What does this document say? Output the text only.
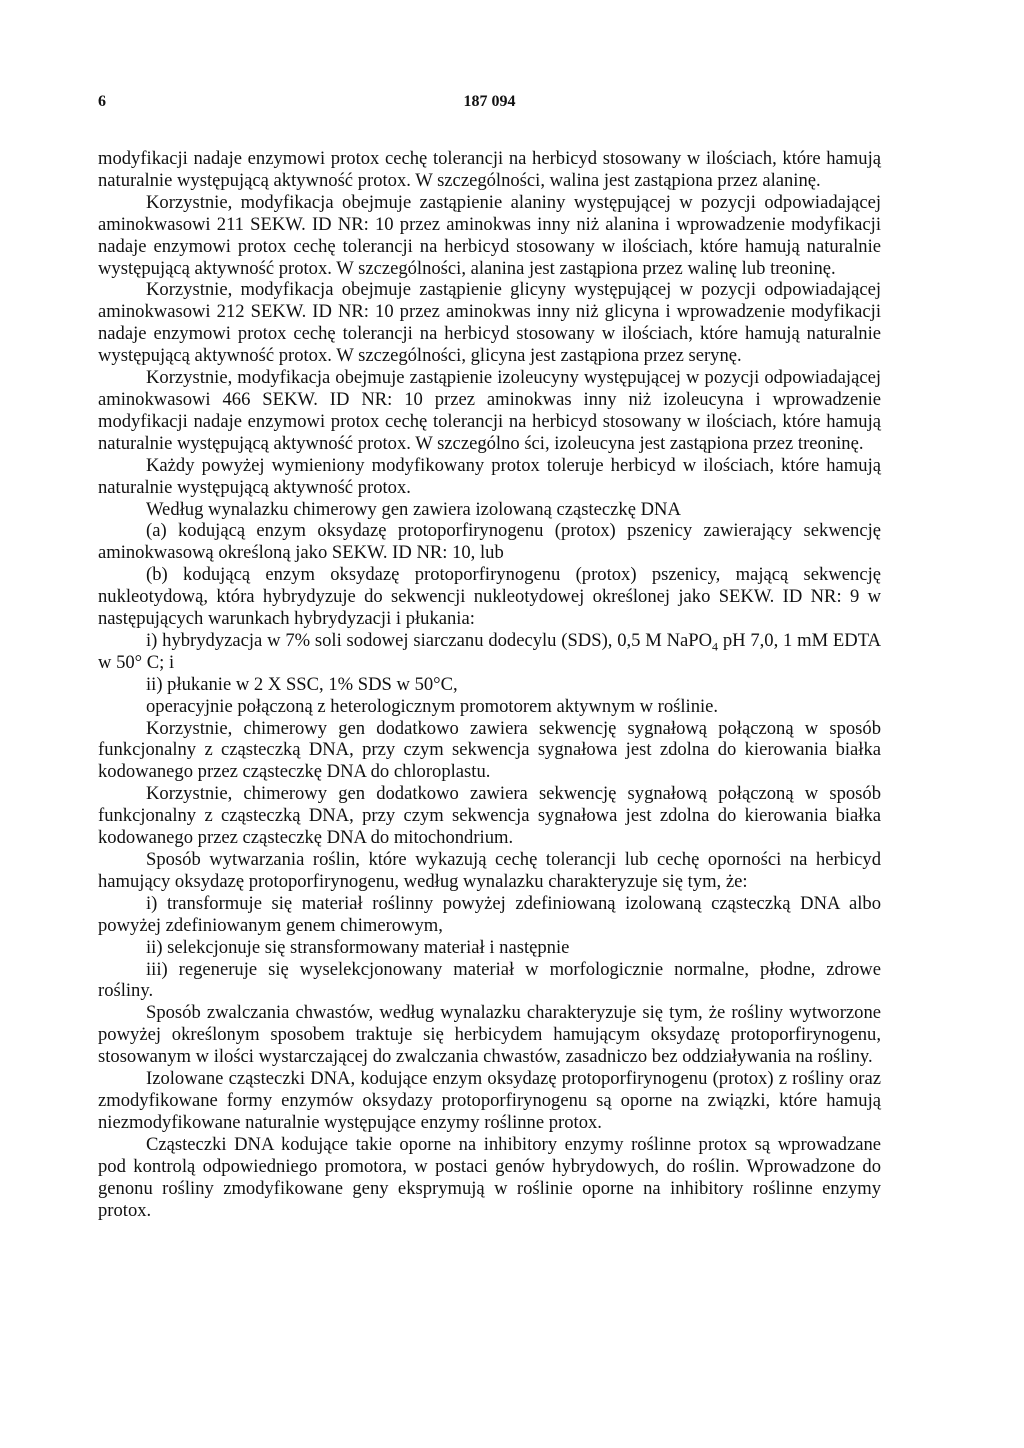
6	187 094

modyfikacji nadaje enzymowi protox cechę tolerancji na herbicyd stosowany w ilościach, które hamują naturalnie występującą aktywność protox. W szczególności, walina jest zastąpiona przez alaninę.

Korzystnie, modyfikacja obejmuje zastąpienie alaniny występującej w pozycji odpowiadającej aminokwasowi 211 SEKW. ID NR: 10 przez aminokwas inny niż alanina i wprowadzenie modyfikacji nadaje enzymowi protox cechę tolerancji na herbicyd stosowany w ilościach, które hamują naturalnie występującą aktywność protox. W szczególności, alanina jest zastąpiona przez walinę lub treoninę.

Korzystnie, modyfikacja obejmuje zastąpienie glicyny występującej w pozycji odpowiadającej aminokwasowi 212 SEKW. ID NR: 10 przez aminokwas inny niż glicyna i wprowadzenie modyfikacji nadaje enzymowi protox cechę tolerancji na herbicyd stosowany w ilościach, które hamują naturalnie występującą aktywność protox. W szczególności, glicyna jest zastąpiona przez serynę.

Korzystnie, modyfikacja obejmuje zastąpienie izoleucyny występującej w pozycji odpowiadającej aminokwasowi 466 SEKW. ID NR: 10 przez aminokwas inny niż izoleucyna i wprowadzenie modyfikacji nadaje enzymowi protox cechę tolerancji na herbicyd stosowany w ilościach, które hamują naturalnie występującą aktywność protox. W szczególno ści, izoleucyna jest zastąpiona przez treoninę.

Każdy powyżej wymieniony modyfikowany protox toleruje herbicyd w ilościach, które hamują naturalnie występującą aktywność protox.

Według wynalazku chimerowy gen zawiera izolowaną cząsteczkę DNA

(a) kodującą enzym oksydazę protoporfirynogenu (protox) pszenicy zawierający sekwencję aminokwasową określoną jako SEKW. ID NR: 10, lub

(b) kodującą enzym oksydazę protoporfirynogenu (protox) pszenicy, mającą sekwencję nukleotydową, która hybrydyzuje do sekwencji nukleotydowej określonej jako SEKW. ID NR: 9 w następujących warunkach hybrydyzacji i płukania:

i) hybrydyzacja w 7% soli sodowej siarczanu dodecylu (SDS), 0,5 M NaPO$_4$ pH 7,0, 1 mM EDTA w 50° C; i

ii) płukanie w 2 X SSC, 1% SDS w 50°C,

operacyjnie połączoną z heterologicznym promotorem aktywnym w roślinie.

Korzystnie, chimerowy gen dodatkowo zawiera sekwencję sygnałową połączoną w sposób funkcjonalny z cząsteczką DNA, przy czym sekwencja sygnałowa jest zdolna do kierowania białka kodowanego przez cząsteczkę DNA do chloroplastu.

Korzystnie, chimerowy gen dodatkowo zawiera sekwencję sygnałową połączoną w sposób funkcjonalny z cząsteczką DNA, przy czym sekwencja sygnałowa jest zdolna do kierowania białka kodowanego przez cząsteczkę DNA do mitochondrium.

Sposób wytwarzania roślin, które wykazują cechę tolerancji lub cechę oporności na herbicyd hamujący oksydazę protoporfirynogenu, według wynalazku charakteryzuje się tym, że:

i) transformuje się materiał roślinny powyżej zdefiniowaną izolowaną cząsteczką DNA albo powyżej zdefiniowanym genem chimerowym,

ii) selekcjonuje się stransformowany materiał i następnie

iii) regeneruje się wyselekcjonowany materiał w morfologicznie normalne, płodne, zdrowe rośliny.

Sposób zwalczania chwastów, według wynalazku charakteryzuje się tym, że rośliny wytworzone powyżej określonym sposobem traktuje się herbicydem hamującym oksydazę protoporfirynogenu, stosowanym w ilości wystarczającej do zwalczania chwastów, zasadniczo bez oddziaływania na rośliny.

Izolowane cząsteczki DNA, kodujące enzym oksydazę protoporfirynogenu (protox) z rośliny oraz zmodyfikowane formy enzymów oksydazy protoporfirynogenu są oporne na związki, które hamują niezmodyfikowane naturalnie występujące enzymy roślinne protox.

Cząsteczki DNA kodujące takie oporne na inhibitory enzymy roślinne protox są wprowadzane pod kontrolą odpowiedniego promotora, w postaci genów hybrydowych, do roślin. Wprowadzone do genonu rośliny zmodyfikowane geny eksprymują w roślinie oporne na inhibitory roślinne enzymy protox.
